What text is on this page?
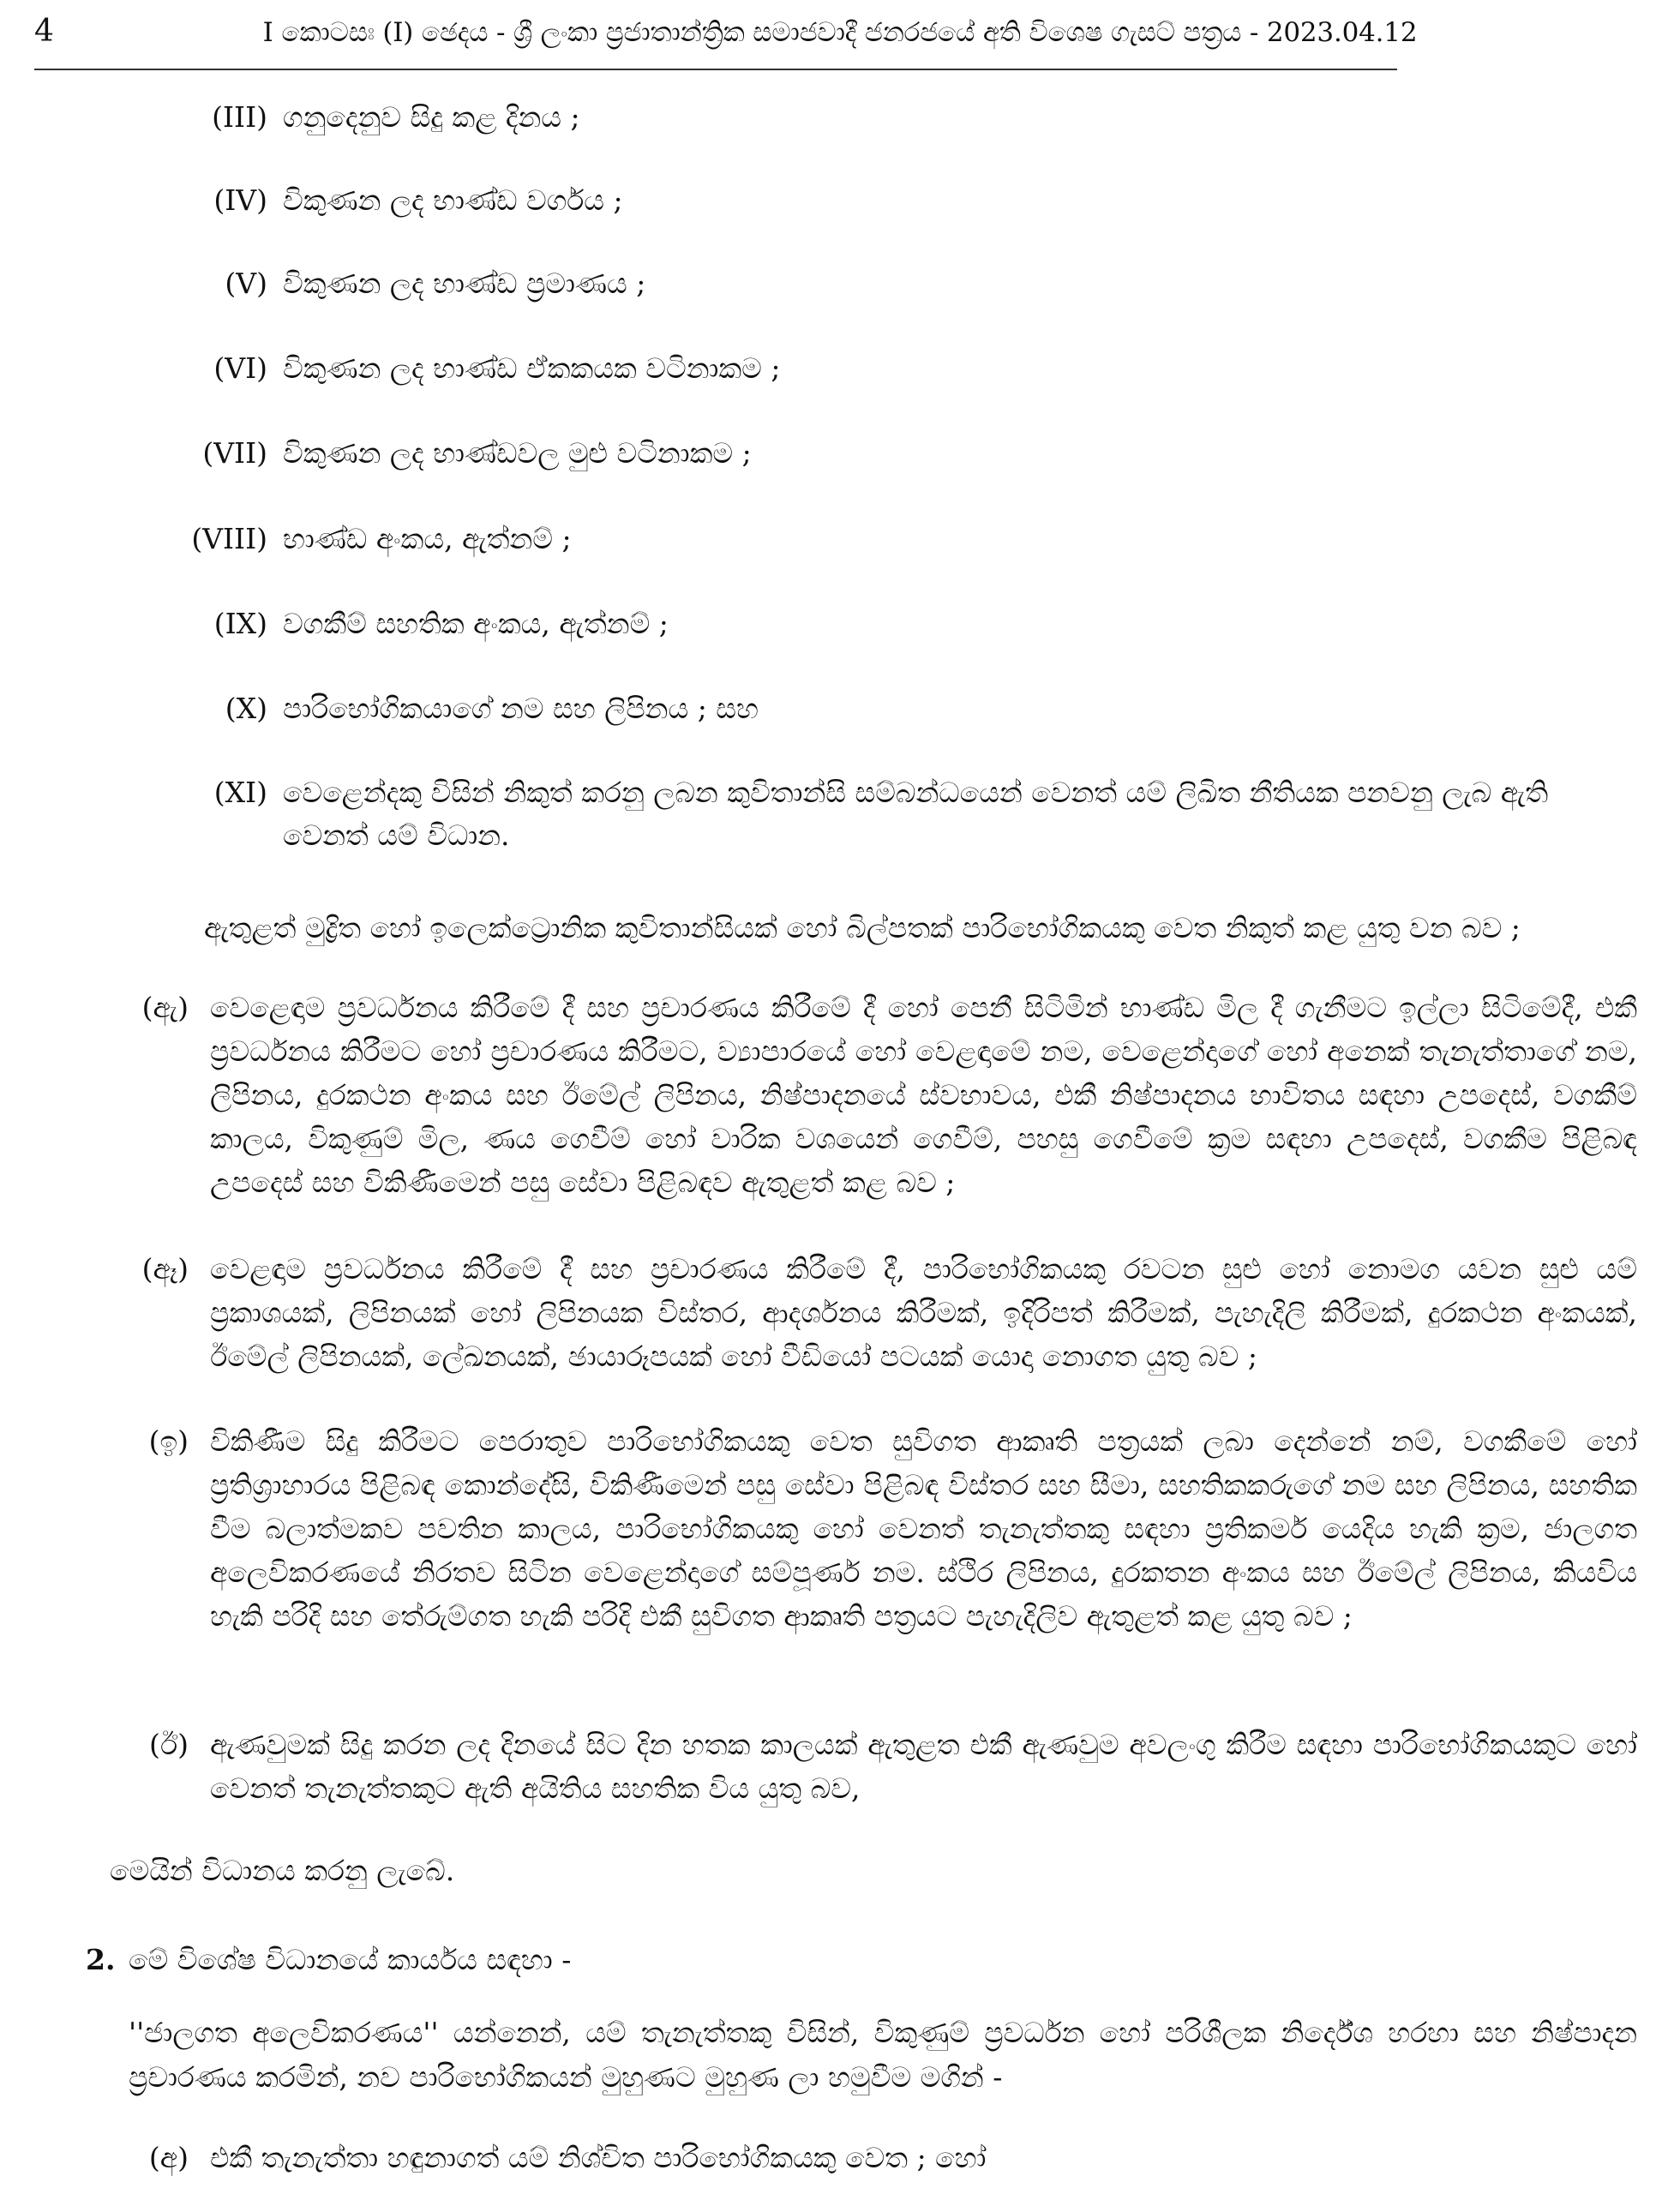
4	I කොටසඃ (I) ඡෙදය - ශ්‍රී ලංකා ප්‍රජාතාන්ත්‍රික සමාජවාදී ජනරජයේ අති විශෙෂ ගැසට් පත්‍රය - 2023.04.12
(III) ගනුදෙනුව සිදු කළ දිනය ;
(IV) විකුණන ලද භාණ්ඩ වර්ගය ;
(V) විකුණන ලද භාණ්ඩ ප්‍රමාණය ;
(VI) විකුණන ලද භාණ්ඩ ඒකකයක වටිනාකම ;
(VII) විකුණන ලද භාණ්ඩවල මුළු වටිනාකම ;
(VIII) භාණ්ඩ අංකය, ඇත්නම් ;
(IX) වගකීම් සහතික අංකය, ඇත්නම් ;
(X) පාරිභෝගිකයාගේ නම සහ ලිපිනය ; සහ
(XI) වෙළෙන්දකු විසින් නිකුත් කරනු ලබන කුවිතාන්සි සම්බන්ධයෙන් වෙනත් යම් ලිඛිත නීතියක පනවනු ලැබ ඇති වෙනත් යම් විධාන.
ඇතුළත් මුද්‍රිත හෝ ඉලෙක්ට්‍රොනික කුවිතාන්සියක් හෝ බිල්පතක් පාරිභෝගිකයකු වෙත නිකුත් කළ යුතු වන බව ;
(ඇ) වෙළෙඳාම ප්‍රවර්ධනය කිරීමේ දී සහ ප්‍රචාරණය කිරීමේ දී හෝ පෙනී සිටිමින් භාණ්ඩ මිල දී ගැනීමට ඉල්ලා සිටිමේදී, එකී ප්‍රවර්ධනය කිරීමට හෝ ප්‍රචාරණය කිරීමට, ව්‍යාපාරයේ හෝ වෙළඳාමේ නම, වෙළෙන්දාගේ හෝ අනෙක් තැනැත්තාගේ නම, ලිපිනය, දුරකථන අංකය සහ ඊමේල් ලිපිනය, නිෂ්පාදනයේ ස්වභාවය, එකී නිෂ්පාදනය භාවිතය සඳහා උපදෙස්, වගකීම් කාලය, විකුණුම් මිල, ණය ගෙවීම් හෝ වාරික වශයෙන් ගෙවීම්, පහසු ගෙවීමේ ක්‍රම සඳහා උපදෙස්, වගකීම පිළිබඳ උපදෙස් සහ විකිණීමෙන් පසු සේවා පිළිබඳව ඇතුළත් කළ බව ;
(ඈ) වෙළඳාම ප්‍රවර්ධනය කිරීමේ දී සහ ප්‍රචාරණය කිරීමේ දී, පාරිභෝගිකයකු රවටන සුළු හෝ නොමග යවන සුළු යම් ප්‍රකාශයක්, ලිපිනයක් හෝ ලිපිනයක විස්තර, ආදර්ශනය කිරීමක්, ඉදිරිපත් කිරීමක්, පැහැදිලි කිරීමක්, දුරකථන අංකයක්, ඊමේල් ලිපිනයක්, ලේඛනයක්, ඡායාරූපයක් හෝ වීඩියෝ පටයක් යොදා නොගත යුතු බව ;
(ඉ) විකිණීම සිදු කිරීමට පෙරාතුව පාරිභෝගිකයකු වෙත සුවිගත ආකෘති පත්‍රයක් ලබා දෙන්නේ නම්, වගකීමේ හෝ ප්‍රතිශ්‍රාහාරය පිළිබඳ කොන්දේසි, විකිණීමෙන් පසු සේවා පිළිබඳ විස්තර සහ සීමා, සහතිකකරුගේ නම සහ ලිපිනය, සහතික වීම බලාත්මකව පවතින කාලය, පාරිභෝගිකයකු හෝ වෙනත් තැනැත්තකු සඳහා ප්‍රතිකර්ම යෙදිය හැකි ක්‍රම, ජාලගත අලෙවිකරණයේ නිරතව සිටින වෙළෙන්දාගේ සම්පූර්ණ නම. ස්ථිර ලිපිනය, දුරකතන අංකය සහ ඊමේල් ලිපිනය, කියවිය හැකි පරිදි සහ තේරුම්ගත හැකි පරිදි එකී සුවිගත ආකෘති පත්‍රයට පැහැදිලිව ඇතුළත් කළ යුතු බව ;
(ඊ) ඇණවුමක් සිදු කරන ලද දිනයේ සිට දින හතක කාලයක් ඇතුළත එකී ඇණවුම අවලංගු කිරීම සඳහා පාරිභෝගිකයකුට හෝ වෙනත් තැනැත්තකුට ඇති අයිතිය සහතික විය යුතු බව,
මෙයින් විධානය කරනු ලැබේ.
2. මේ විශේෂ විධානයේ කාර්යය සඳහා -
''ජාලගත අලෙවිකරණය'' යන්නෙන්, යම් තැනැත්තකු විසින්, විකුණුම් ප්‍රවර්ධන හෝ පරිශීලක නිර්දේශ හරහා සහ නිෂ්පාදන ප්‍රචාරණය කරමින්, නව පාරිභෝගිකයන් මුහුණට මුහුණ ලා හමුවීම මගින් -
(අ) එකී තැනැත්තා හඳුනාගත් යම් නිශ්චිත පාරිභෝගිකයකු වෙත ; හෝ
